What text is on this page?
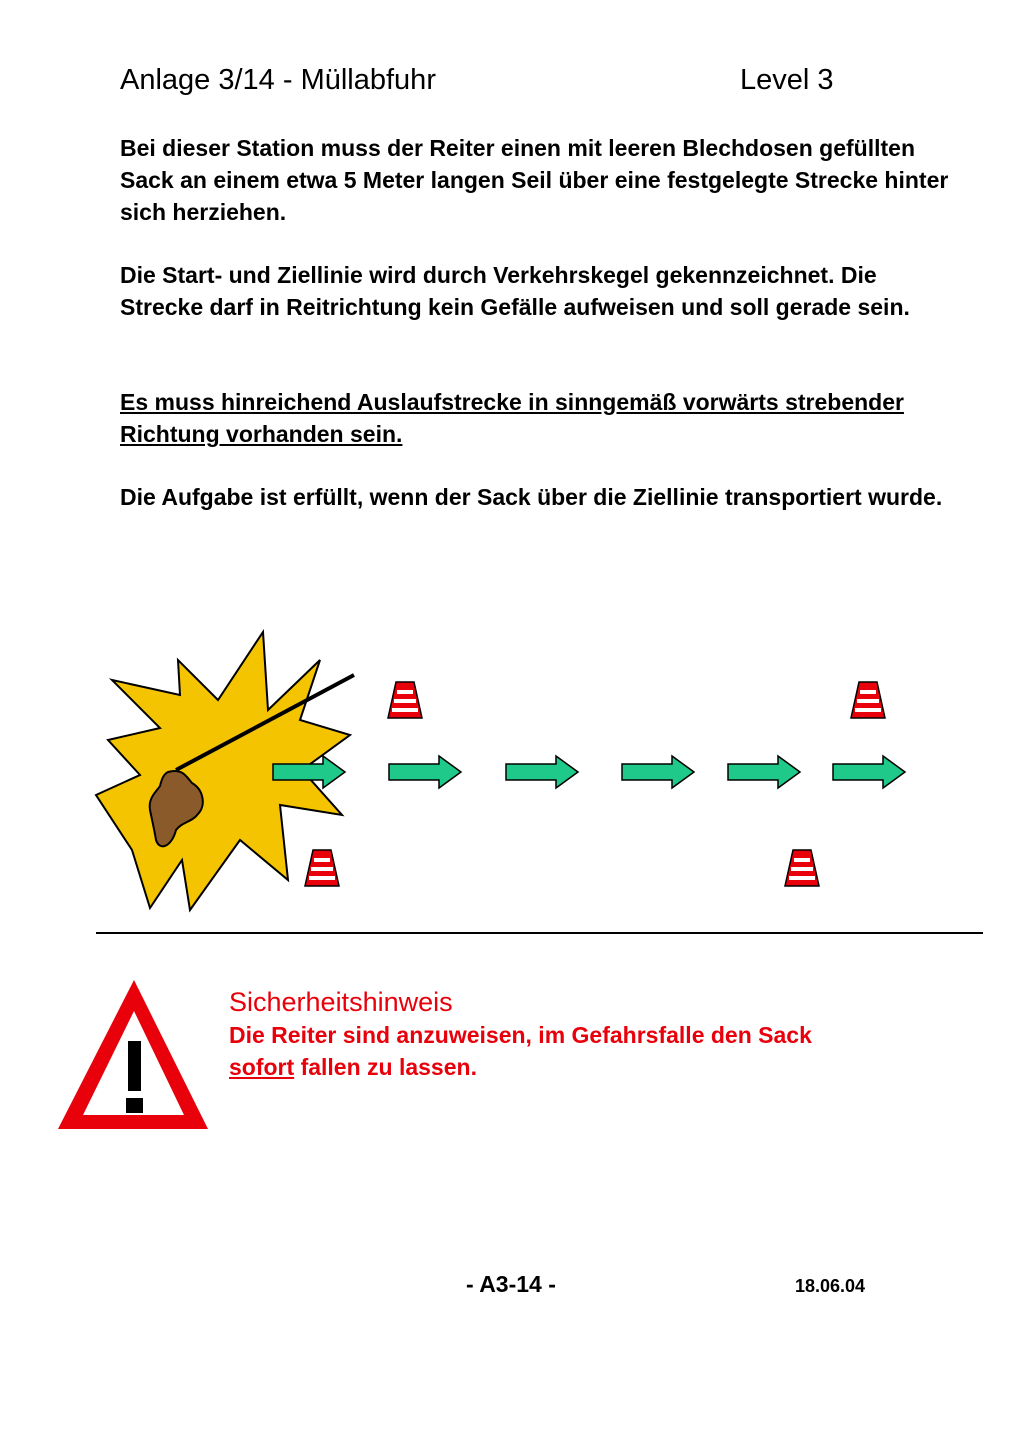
Anlage 3/14 - Müllabfuhr	Level 3

Bei dieser Station muss der Reiter einen mit leeren Blechdosen gefüllten Sack an einem etwa 5 Meter langen Seil über eine festgelegte Strecke hinter sich herziehen.

Die Start- und Ziellinie wird durch Verkehrskegel gekennzeichnet. Die Strecke darf in Reitrichtung kein Gefälle aufweisen und soll gerade sein.

Es muss hinreichend Auslaufstrecke in sinngemäß vorwärts strebender Richtung vorhanden sein.

Die Aufgabe ist erfüllt, wenn der Sack über die Ziellinie transportiert wurde.

Sicherheitshinweis

Die Reiter sind anzuweisen, im Gefahrsfalle den Sack
sofort fallen zu lassen.

- A3-14 -	18.06.04
